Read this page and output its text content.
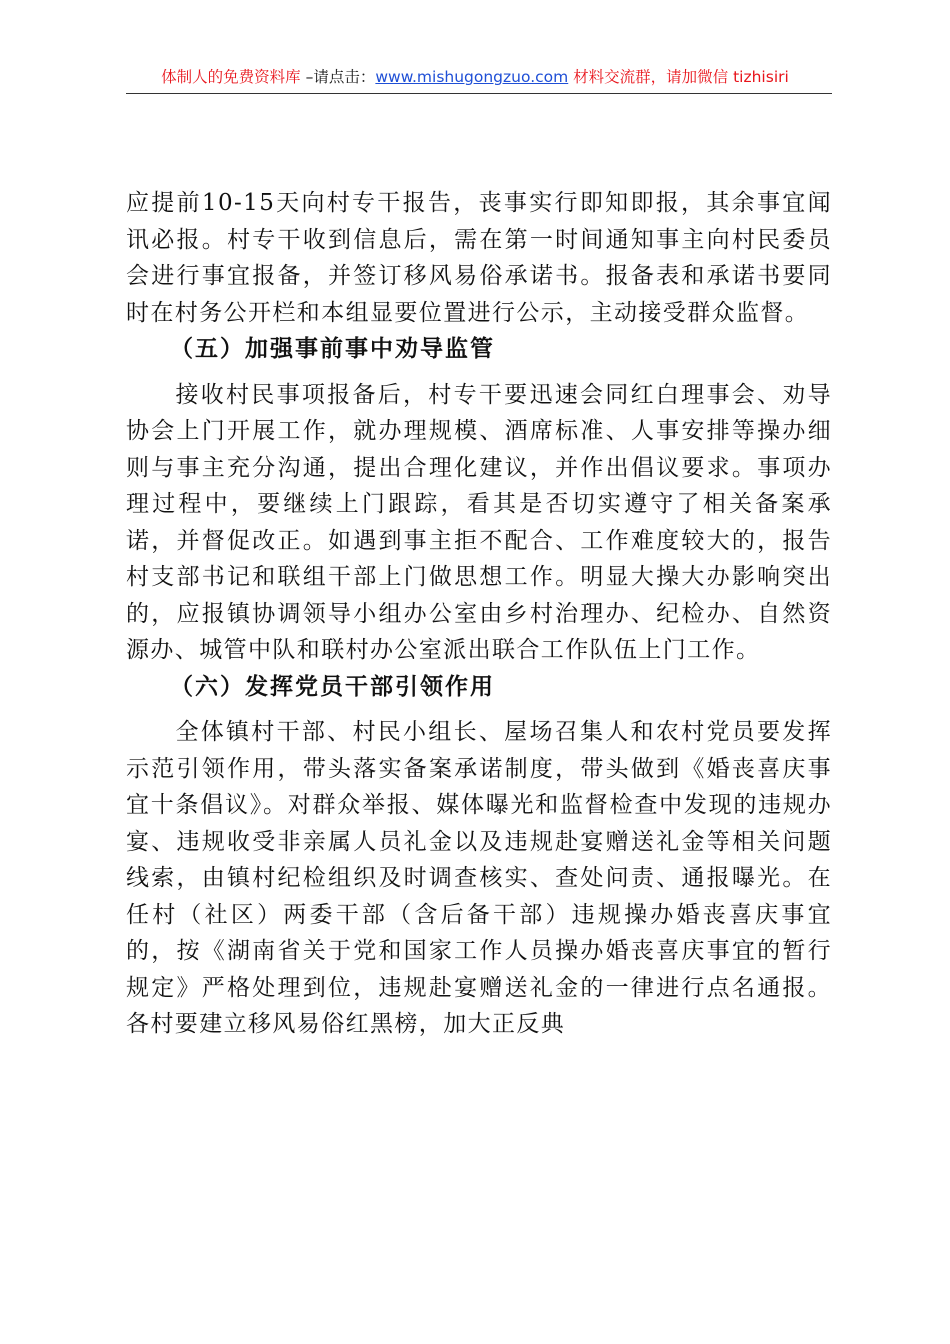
体制人的免费资料库 –请点击：www.mishugongzuo.com 材料交流群，请加微信 tizhisiri

应提前10-15天向村专干报告，丧事实行即知即报，其余事宜闻讯必报。村专干收到信息后，需在第一时间通知事主向村民委员会进行事宜报备，并签订移风易俗承诺书。报备表和承诺书要同时在村务公开栏和本组显要位置进行公示，主动接受群众监督。

（五）加强事前事中劝导监管

接收村民事项报备后，村专干要迅速会同红白理事会、劝导协会上门开展工作，就办理规模、酒席标准、人事安排等操办细则与事主充分沟通，提出合理化建议，并作出倡议要求。事项办理过程中，要继续上门跟踪，看其是否切实遵守了相关备案承诺，并督促改正。如遇到事主拒不配合、工作难度较大的，报告村支部书记和联组干部上门做思想工作。明显大操大办影响突出的，应报镇协调领导小组办公室由乡村治理办、纪检办、自然资源办、城管中队和联村办公室派出联合工作队伍上门工作。

（六）发挥党员干部引领作用

全体镇村干部、村民小组长、屋场召集人和农村党员要发挥示范引领作用，带头落实备案承诺制度，带头做到《婚丧喜庆事宜十条倡议》。对群众举报、媒体曝光和监督检查中发现的违规办宴、违规收受非亲属人员礼金以及违规赴宴赠送礼金等相关问题线索，由镇村纪检组织及时调查核实、查处问责、通报曝光。在任村（社区）两委干部（含后备干部）违规操办婚丧喜庆事宜的，按《湖南省关于党和国家工作人员操办婚丧喜庆事宜的暂行规定》严格处理到位，违规赴宴赠送礼金的一律进行点名通报。各村要建立移风易俗红黑榜，加大正反典
